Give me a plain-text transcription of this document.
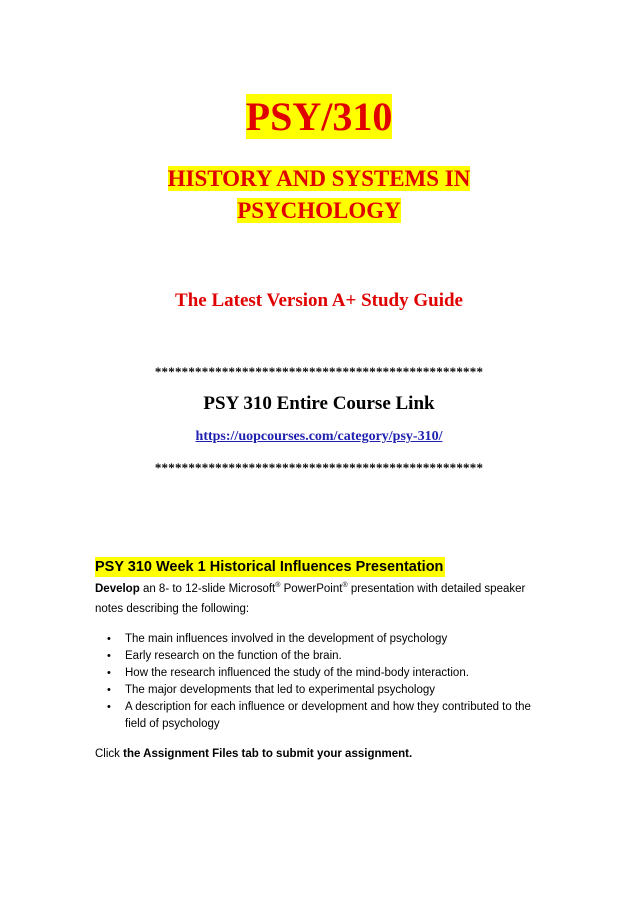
PSY/310
HISTORY AND SYSTEMS IN
PSYCHOLOGY
The Latest Version A+ Study Guide
*************************************************
PSY 310 Entire Course Link
https://uopcourses.com/category/psy-310/
*************************************************
PSY 310 Week 1 Historical Influences Presentation
Develop an 8- to 12-slide Microsoft® PowerPoint® presentation with detailed speaker notes describing the following:
• The main influences involved in the development of psychology
• Early research on the function of the brain.
• How the research influenced the study of the mind-body interaction.
• The major developments that led to experimental psychology
• A description for each influence or development and how they contributed to the field of psychology
Click the Assignment Files tab to submit your assignment.
